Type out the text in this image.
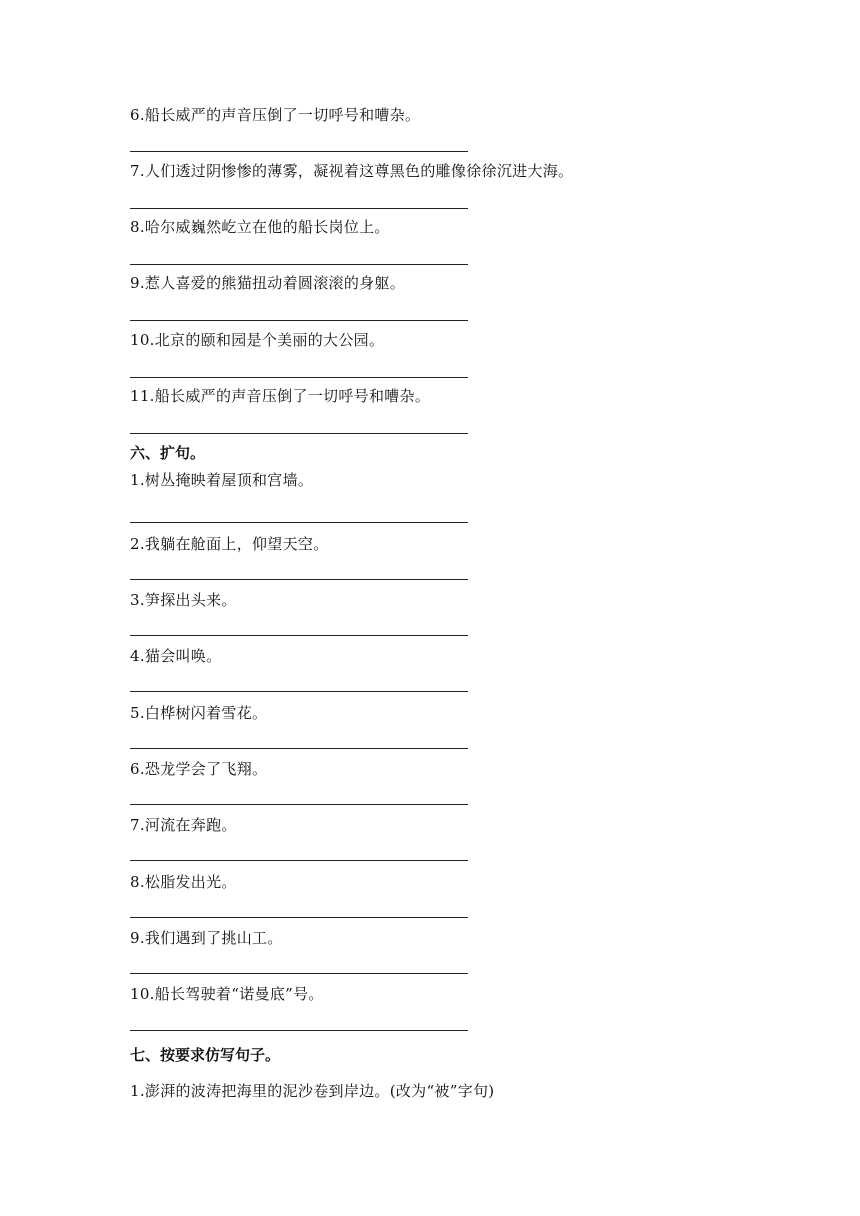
6.船长威严的声音压倒了一切呼号和嘈杂。
7.人们透过阴惨惨的薄雾，凝视着这尊黑色的雕像徐徐沉进大海。
8.哈尔威巍然屹立在他的船长岗位上。
9.惹人喜爱的熊猫扭动着圆滚滚的身躯。
10.北京的颐和园是个美丽的大公园。
11.船长威严的声音压倒了一切呼号和嘈杂。
六、扩句。
1.树丛掩映着屋顶和宫墙。
2.我躺在舱面上，仰望天空。
3.笋探出头来。
4.猫会叫唤。
5.白桦树闪着雪花。
6.恐龙学会了飞翔。
7.河流在奔跑。
8.松脂发出光。
9.我们遇到了挑山工。
10.船长驾驶着“诺曼底”号。
七、按要求仿写句子。
1.澎湃的波涛把海里的泥沙卷到岸边。(改为“被”字句)
